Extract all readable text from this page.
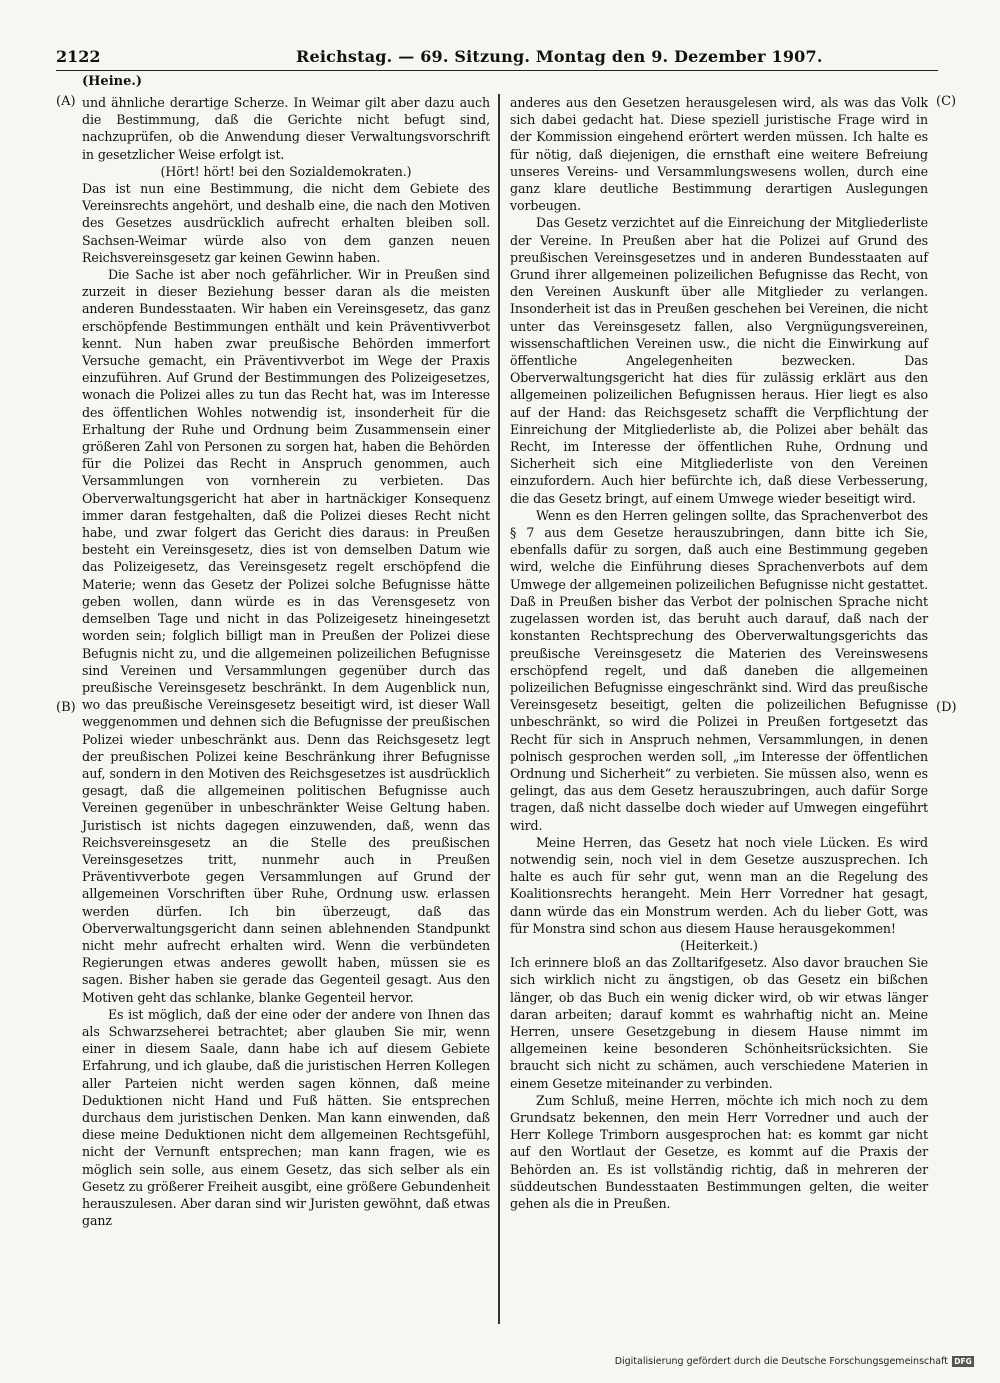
2122	Reichstag. — 69. Sitzung. Montag den 9. Dezember 1907.
(Heine.)
(A)
(B)
(C)
(D)

und ähnliche derartige Scherze. In Weimar gilt aber dazu auch die Bestimmung, daß die Gerichte nicht befugt sind, nachzuprüfen, ob die Anwendung dieser Verwaltungsvorschrift in gesetzlicher Weise erfolgt ist.

(Hört! hört! bei den Sozialdemokraten.)

Das ist nun eine Bestimmung, die nicht dem Gebiete des Vereinsrechts angehört, und deshalb eine, die nach den Motiven des Gesetzes ausdrücklich aufrecht erhalten bleiben soll. Sachsen-Weimar würde also von dem ganzen neuen Reichsvereinsgesetz gar keinen Gewinn haben.

Die Sache ist aber noch gefährlicher. Wir in Preußen sind zurzeit in dieser Beziehung besser daran als die meisten anderen Bundesstaaten. Wir haben ein Vereinsgesetz, das ganz erschöpfende Bestimmungen enthält und kein Präventivverbot kennt. Nun haben zwar preußische Behörden immerfort Versuche gemacht, ein Präventivverbot im Wege der Praxis einzuführen. Auf Grund der Bestimmungen des Polizeigesetzes, wonach die Polizei alles zu tun das Recht hat, was im Interesse des öffentlichen Wohles notwendig ist, insonderheit für die Erhaltung der Ruhe und Ordnung beim Zusammensein einer größeren Zahl von Personen zu sorgen hat, haben die Behörden für die Polizei das Recht in Anspruch genommen, auch Versammlungen von vornherein zu verbieten. Das Oberverwaltungsgericht hat aber in hartnäckiger Konsequenz immer daran festgehalten, daß die Polizei dieses Recht nicht habe, und zwar folgert das Gericht dies daraus: in Preußen besteht ein Vereinsgesetz, dies ist von demselben Datum wie das Polizeigesetz, das Vereinsgesetz regelt erschöpfend die Materie; wenn das Gesetz der Polizei solche Befugnisse hätte geben wollen, dann würde es in das Verensgesetz von demselben Tage und nicht in das Polizeigesetz hineingesetzt worden sein; folglich billigt man in Preußen der Polizei diese Befugnis nicht zu, und die allgemeinen polizeilichen Befugnisse sind Vereinen und Versammlungen gegenüber durch das preußische Vereinsgesetz beschränkt. In dem Augenblick nun, wo das preußische Vereinsgesetz beseitigt wird, ist dieser Wall weggenommen und dehnen sich die Befugnisse der preußischen Polizei wieder unbeschränkt aus. Denn das Reichsgesetz legt der preußischen Polizei keine Beschränkung ihrer Befugnisse auf, sondern in den Motiven des Reichsgesetzes ist ausdrücklich gesagt, daß die allgemeinen politischen Befugnisse auch Vereinen gegenüber in unbeschränkter Weise Geltung haben. Juristisch ist nichts dagegen einzuwenden, daß, wenn das Reichsvereinsgesetz an die Stelle des preußischen Vereinsgesetzes tritt, nunmehr auch in Preußen Präventivverbote gegen Versammlungen auf Grund der allgemeinen Vorschriften über Ruhe, Ordnung usw. erlassen werden dürfen. Ich bin überzeugt, daß das Oberverwaltungsgericht dann seinen ablehnenden Standpunkt nicht mehr aufrecht erhalten wird. Wenn die verbündeten Regierungen etwas anderes gewollt haben, müssen sie es sagen. Bisher haben sie gerade das Gegenteil gesagt. Aus den Motiven geht das schlanke, blanke Gegenteil hervor.

Es ist möglich, daß der eine oder der andere von Ihnen das als Schwarzseherei betrachtet; aber glauben Sie mir, wenn einer in diesem Saale, dann habe ich auf diesem Gebiete Erfahrung, und ich glaube, daß die juristischen Herren Kollegen aller Parteien nicht werden sagen können, daß meine Deduktionen nicht Hand und Fuß hätten. Sie entsprechen durchaus dem juristischen Denken. Man kann einwenden, daß diese meine Deduktionen nicht dem allgemeinen Rechtsgefühl, nicht der Vernunft entsprechen; man kann fragen, wie es möglich sein solle, aus einem Gesetz, das sich selber als ein Gesetz zu größerer Freiheit ausgibt, eine größere Gebundenheit herauszulesen. Aber daran sind wir Juristen gewöhnt, daß etwas ganz

anderes aus den Gesetzen herausgelesen wird, als was das Volk sich dabei gedacht hat. Diese speziell juristische Frage wird in der Kommission eingehend erörtert werden müssen. Ich halte es für nötig, daß diejenigen, die ernsthaft eine weitere Befreiung unseres Vereins- und Versammlungswesens wollen, durch eine ganz klare deutliche Bestimmung derartigen Auslegungen vorbeugen.

Das Gesetz verzichtet auf die Einreichung der Mitgliederliste der Vereine. In Preußen aber hat die Polizei auf Grund des preußischen Vereinsgesetzes und in anderen Bundesstaaten auf Grund ihrer allgemeinen polizeilichen Befugnisse das Recht, von den Vereinen Auskunft über alle Mitglieder zu verlangen. Insonderheit ist das in Preußen geschehen bei Vereinen, die nicht unter das Vereinsgesetz fallen, also Vergnügungsvereinen, wissenschaftlichen Vereinen usw., die nicht die Einwirkung auf öffentliche Angelegenheiten bezwecken. Das Oberverwaltungsgericht hat dies für zulässig erklärt aus den allgemeinen polizeilichen Befugnissen heraus. Hier liegt es also auf der Hand: das Reichsgesetz schafft die Verpflichtung der Einreichung der Mitgliederliste ab, die Polizei aber behält das Recht, im Interesse der öffentlichen Ruhe, Ordnung und Sicherheit sich eine Mitgliederliste von den Vereinen einzufordern. Auch hier befürchte ich, daß diese Verbesserung, die das Gesetz bringt, auf einem Umwege wieder beseitigt wird.

Wenn es den Herren gelingen sollte, das Sprachenverbot des § 7 aus dem Gesetze herauszubringen, dann bitte ich Sie, ebenfalls dafür zu sorgen, daß auch eine Bestimmung gegeben wird, welche die Einführung dieses Sprachenverbots auf dem Umwege der allgemeinen polizeilichen Befugnisse nicht gestattet. Daß in Preußen bisher das Verbot der polnischen Sprache nicht zugelassen worden ist, das beruht auch darauf, daß nach der konstanten Rechtsprechung des Oberverwaltungsgerichts das preußische Vereinsgesetz die Materien des Vereinswesens erschöpfend regelt, und daß daneben die allgemeinen polizeilichen Befugnisse eingeschränkt sind. Wird das preußische Vereinsgesetz beseitigt, gelten die polizeilichen Befugnisse unbeschränkt, so wird die Polizei in Preußen fortgesetzt das Recht für sich in Anspruch nehmen, Versammlungen, in denen polnisch gesprochen werden soll, „im Interesse der öffentlichen Ordnung und Sicherheit“ zu verbieten. Sie müssen also, wenn es gelingt, das aus dem Gesetz herauszubringen, auch dafür Sorge tragen, daß nicht dasselbe doch wieder auf Umwegen eingeführt wird.

Meine Herren, das Gesetz hat noch viele Lücken. Es wird notwendig sein, noch viel in dem Gesetze auszusprechen. Ich halte es auch für sehr gut, wenn man an die Regelung des Koalitionsrechts herangeht. Mein Herr Vorredner hat gesagt, dann würde das ein Monstrum werden. Ach du lieber Gott, was für Monstra sind schon aus diesem Hause herausgekommen!

(Heiterkeit.)

Ich erinnere bloß an das Zolltarifgesetz. Also davor brauchen Sie sich wirklich nicht zu ängstigen, ob das Gesetz ein bißchen länger, ob das Buch ein wenig dicker wird, ob wir etwas länger daran arbeiten; darauf kommt es wahrhaftig nicht an. Meine Herren, unsere Gesetzgebung in diesem Hause nimmt im allgemeinen keine besonderen Schönheitsrücksichten. Sie braucht sich nicht zu schämen, auch verschiedene Materien in einem Gesetze miteinander zu verbinden.

Zum Schluß, meine Herren, möchte ich mich noch zu dem Grundsatz bekennen, den mein Herr Vorredner und auch der Herr Kollege Trimborn ausgesprochen hat: es kommt gar nicht auf den Wortlaut der Gesetze, es kommt auf die Praxis der Behörden an. Es ist vollständig richtig, daß in mehreren der süddeutschen Bundesstaaten Bestimmungen gelten, die weiter gehen als die in Preußen.

Digitalisierung gefördert durch die Deutsche Forschungsgemeinschaft DFG
